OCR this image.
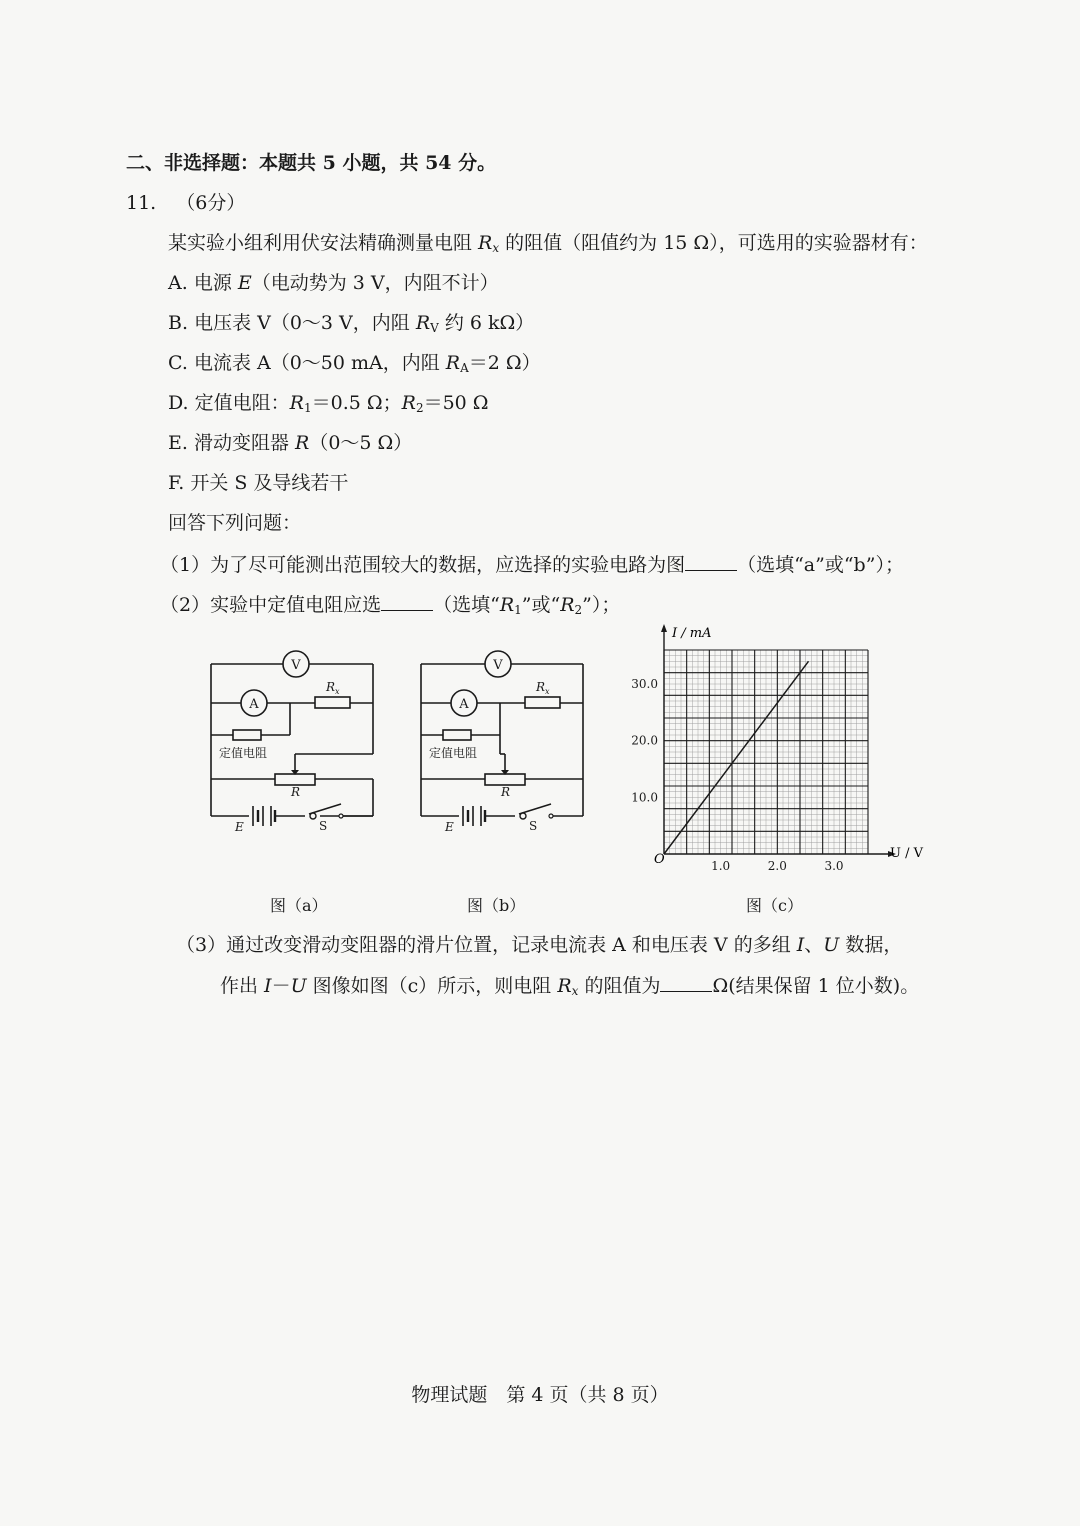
二、非选择题：本题共 5 小题，共 54 分。
11. （6分）
某实验小组利用伏安法精确测量电阻 $R_x$ 的阻值（阻值约为 15 Ω），可选用的实验器材有：
A. 电源 E（电动势为 3 V，内阻不计）
B. 电压表 V（0～3 V，内阻 $R_V$ 约 6 kΩ）
C. 电流表 A（0～50 mA，内阻 $R_A=2$ Ω）
D. 定值电阻：$R_1=0.5$ Ω；$R_2=50$ Ω
E. 滑动变阻器 R（0～5 Ω）
F. 开关 S 及导线若干
回答下列问题：
（1）为了尽可能测出范围较大的数据，应选择的实验电路为图	（选填“a”或“b”）；
（2）实验中定值电阻应选	（选填“$R_1$”或“$R_2$”）；
V
A
R x
定值电阻
R
E	S
V
A
R x
定值电阻
R
E	S
1.0	2.0	3.0
10.0
20.0
30.0
I / mA
U / V
O
图（a）	图（b）	图（c）
（3）通过改变滑动变阻器的滑片位置，记录电流表 A 和电压表 V 的多组 I、U 数据，
作出 I－U 图像如图（c）所示，则电阻 $R_x$ 的阻值为	Ω(结果保留 1 位小数)。
物理试题　第 4 页（共 8 页）
